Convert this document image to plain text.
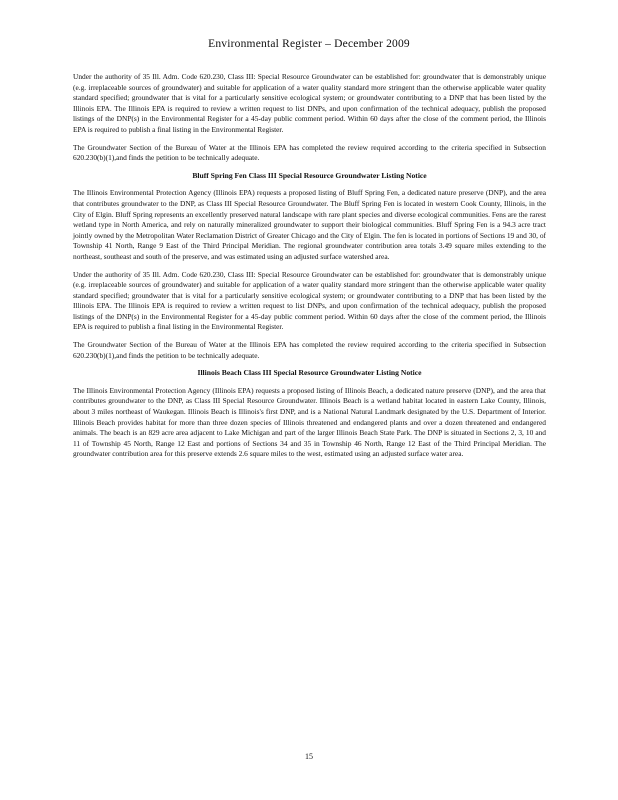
Environmental Register – December 2009

Under the authority of 35 Ill. Adm. Code 620.230, Class III: Special Resource Groundwater can be established for: groundwater that is demonstrably unique (e.g. irreplaceable sources of groundwater) and suitable for application of a water quality standard more stringent than the otherwise applicable water quality standard specified; groundwater that is vital for a particularly sensitive ecological system; or groundwater contributing to a DNP that has been listed by the Illinois EPA. The Illinois EPA is required to review a written request to list DNPs, and upon confirmation of the technical adequacy, publish the proposed listings of the DNP(s) in the Environmental Register for a 45-day public comment period. Within 60 days after the close of the comment period, the Illinois EPA is required to publish a final listing in the Environmental Register.

The Groundwater Section of the Bureau of Water at the Illinois EPA has completed the review required according to the criteria specified in Subsection 620.230(b)(1),and finds the petition to be technically adequate.

Bluff Spring Fen Class III Special Resource Groundwater Listing Notice

The Illinois Environmental Protection Agency (Illinois EPA) requests a proposed listing of Bluff Spring Fen, a dedicated nature preserve (DNP), and the area that contributes groundwater to the DNP, as Class III Special Resource Groundwater. The Bluff Spring Fen is located in western Cook County, Illinois, in the City of Elgin. Bluff Spring represents an excellently preserved natural landscape with rare plant species and diverse ecological communities. Fens are the rarest wetland type in North America, and rely on naturally mineralized groundwater to support their biological communities. Bluff Spring Fen is a 94.3 acre tract jointly owned by the Metropolitan Water Reclamation District of Greater Chicago and the City of Elgin. The fen is located in portions of Sections 19 and 30, of Township 41 North, Range 9 East of the Third Principal Meridian. The regional groundwater contribution area totals 3.49 square miles extending to the northeast, southeast and south of the preserve, and was estimated using an adjusted surface watershed area.

Under the authority of 35 Ill. Adm. Code 620.230, Class III: Special Resource Groundwater can be established for: groundwater that is demonstrably unique (e.g. irreplaceable sources of groundwater) and suitable for application of a water quality standard more stringent than the otherwise applicable water quality standard specified; groundwater that is vital for a particularly sensitive ecological system; or groundwater contributing to a DNP that has been listed by the Illinois EPA. The Illinois EPA is required to review a written request to list DNPs, and upon confirmation of the technical adequacy, publish the proposed listings of the DNP(s) in the Environmental Register for a 45-day public comment period. Within 60 days after the close of the comment period, the Illinois EPA is required to publish a final listing in the Environmental Register.

The Groundwater Section of the Bureau of Water at the Illinois EPA has completed the review required according to the criteria specified in Subsection 620.230(b)(1),and finds the petition to be technically adequate.

Illinois Beach Class III Special Resource Groundwater Listing Notice

The Illinois Environmental Protection Agency (Illinois EPA) requests a proposed listing of Illinois Beach, a dedicated nature preserve (DNP), and the area that contributes groundwater to the DNP, as Class III Special Resource Groundwater. Illinois Beach is a wetland habitat located in eastern Lake County, Illinois, about 3 miles northeast of Waukegan. Illinois Beach is Illinois's first DNP, and is a National Natural Landmark designated by the U.S. Department of Interior. Illinois Beach provides habitat for more than three dozen species of Illinois threatened and endangered plants and over a dozen threatened and endangered animals. The beach is an 829 acre area adjacent to Lake Michigan and part of the larger Illinois Beach State Park. The DNP is situated in Sections 2, 3, 10 and 11 of Township 45 North, Range 12 East and portions of Sections 34 and 35 in Township 46 North, Range 12 East of the Third Principal Meridian. The groundwater contribution area for this preserve extends 2.6 square miles to the west, estimated using an adjusted surface water area.

15
